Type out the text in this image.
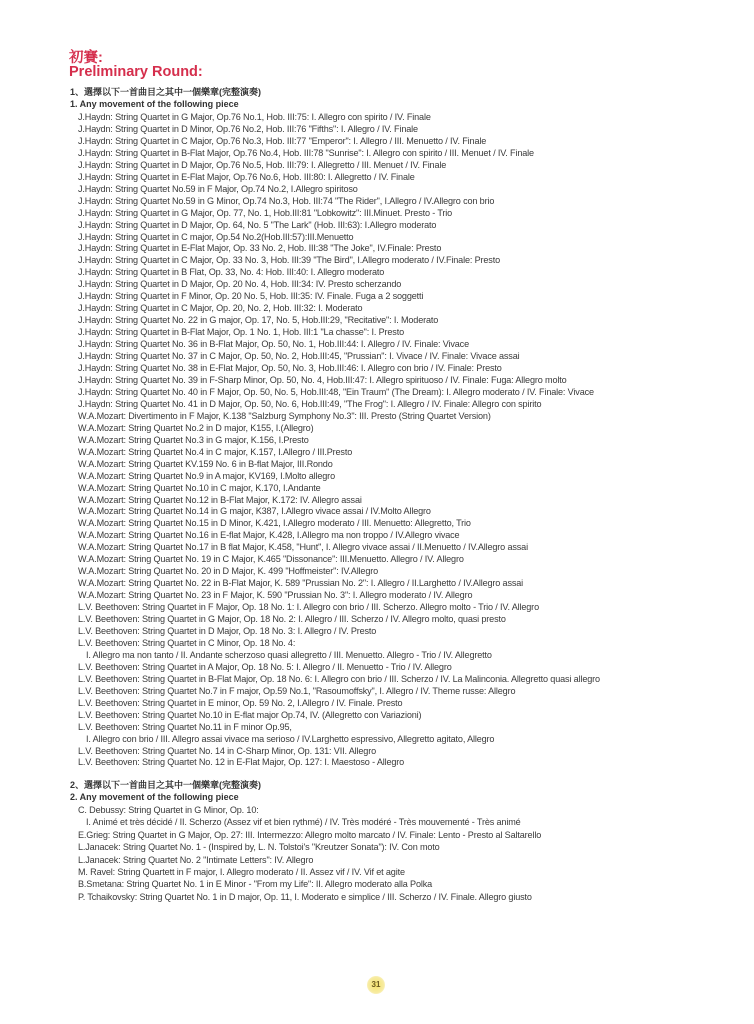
初賽:
Preliminary Round:
1、選擇以下一首曲目之其中一個樂章(完整演奏)
1. Any movement of the following piece
J.Haydn: String Quartet in G Major, Op.76 No.1, Hob. III:75: I. Allegro con spirito / IV. Finale
J.Haydn: String Quartet in D Minor, Op.76 No.2, Hob. III:76 "Fifths": I. Allegro / IV. Finale
J.Haydn: String Quartet in C Major, Op.76 No.3, Hob. III:77 "Emperor": I. Allegro / III. Menuetto / IV. Finale
J.Haydn: String Quartet in B-Flat Major, Op.76 No.4, Hob. III:78 "Sunrise": I. Allegro con spirito / III. Menuet / IV. Finale
J.Haydn: String Quartet in D Major, Op.76 No.5, Hob. III:79: I. Allegretto / III. Menuet / IV. Finale
J.Haydn: String Quartet in E-Flat Major, Op.76 No.6, Hob. III:80: I. Allegretto / IV. Finale
J.Haydn: String Quartet No.59 in F Major, Op.74 No.2, I.Allegro spiritoso
J.Haydn: String Quartet No.59 in G Minor, Op.74 No.3, Hob. III:74 "The Rider", I.Allegro / IV.Allegro con brio
J.Haydn: String Quartet in G Major, Op. 77, No. 1, Hob.III:81 "Lobkowitz": III.Minuet. Presto - Trio
J.Haydn: String Quartet in D Major, Op. 64, No. 5 "The Lark" (Hob. III:63): I.Allegro moderato
J.Haydn: String Quartet in C major, Op.54 No.2(Hob.III:57):III.Menuetto
J.Haydn: String Quartet in E-Flat Major, Op. 33 No. 2, Hob. III:38 "The Joke", IV.Finale: Presto
J.Haydn: String Quartet in C Major, Op. 33 No. 3, Hob. III:39 "The Bird", I.Allegro moderato / IV.Finale: Presto
J.Haydn: String Quartet in B Flat, Op. 33, No. 4: Hob. III:40: I. Allegro moderato
J.Haydn: String Quartet in D Major, Op. 20 No. 4, Hob. III:34: IV. Presto scherzando
J.Haydn: String Quartet in F Minor, Op. 20 No. 5, Hob. III:35: IV. Finale. Fuga a 2 soggetti
J.Haydn: String Quartet in C Major, Op. 20, No. 2, Hob. III:32: I. Moderato
J.Haydn: String Quartet No. 22 in G major, Op. 17, No. 5, Hob.III:29, "Recitative": I. Moderato
J.Haydn: String Quartet in B-Flat Major, Op. 1 No. 1, Hob. III:1 "La chasse": I. Presto
J.Haydn: String Quartet No. 36 in B-Flat Major, Op. 50, No. 1, Hob.III:44: I. Allegro / IV. Finale: Vivace
J.Haydn: String Quartet No. 37 in C Major, Op. 50, No. 2, Hob.III:45, "Prussian": I. Vivace / IV. Finale: Vivace assai
J.Haydn: String Quartet No. 38 in E-Flat Major, Op. 50, No. 3, Hob.III:46: I. Allegro con brio / IV. Finale: Presto
J.Haydn: String Quartet No. 39 in F-Sharp Minor, Op. 50, No. 4, Hob.III:47: I. Allegro spirituoso / IV. Finale: Fuga: Allegro molto
J.Haydn: String Quartet No. 40 in F Major, Op. 50, No. 5, Hob.III:48, "Ein Traum" (The Dream): I. Allegro moderato / IV. Finale: Vivace
J.Haydn: String Quartet No. 41 in D Major, Op. 50, No. 6, Hob.III:49, "The Frog": I. Allegro / IV. Finale: Allegro con spirito
W.A.Mozart: Divertimento in F Major, K.138 "Salzburg Symphony No.3": III. Presto (String Quartet Version)
W.A.Mozart: String Quartet No.2 in D major, K155, I.(Allegro)
W.A.Mozart: String Quartet No.3 in G major, K.156, I.Presto
W.A.Mozart: String Quartet No.4 in C major, K.157, I.Allegro / III.Presto
W.A.Mozart: String Quartet KV.159 No. 6 in B-flat Major, III.Rondo
W.A.Mozart: String Quartet No.9 in A major, KV169, I.Molto allegro
W.A.Mozart: String Quartet No.10 in C major, K.170, I.Andante
W.A.Mozart: String Quartet No.12 in B-Flat Major, K.172: IV. Allegro assai
W.A.Mozart: String Quartet No.14 in G major, K387, I.Allegro vivace assai / IV.Molto Allegro
W.A.Mozart: String Quartet No.15 in D Minor, K.421, I.Allegro moderato / III. Menuetto: Allegretto, Trio
W.A.Mozart: String Quartet No.16 in E-flat Major, K.428, I.Allegro ma non troppo / IV.Allegro vivace
W.A.Mozart: String Quartet No.17 in B flat Major, K.458, "Hunt", I. Allegro vivace assai / II.Menuetto / IV.Allegro assai
W.A.Mozart: String Quartet No. 19 in C Major, K.465 "Dissonance": III.Menuetto. Allegro / IV. Allegro
W.A.Mozart: String Quartet No. 20 in D Major, K. 499 "Hoffmeister": IV.Allegro
W.A.Mozart: String Quartet No. 22 in B-Flat Major, K. 589 "Prussian No. 2": I. Allegro / II.Larghetto / IV.Allegro assai
W.A.Mozart: String Quartet No. 23 in F Major, K. 590 "Prussian No. 3": I. Allegro moderato / IV. Allegro
L.V. Beethoven: String Quartet in F Major, Op. 18 No. 1: I. Allegro con brio / III. Scherzo. Allegro molto - Trio / IV. Allegro
L.V. Beethoven: String Quartet in G Major, Op. 18 No. 2: I. Allegro / III. Scherzo / IV. Allegro molto, quasi presto
L.V. Beethoven: String Quartet in D Major, Op. 18 No. 3: I. Allegro / IV. Presto
L.V. Beethoven: String Quartet in C Minor, Op. 18 No. 4:
I. Allegro ma non tanto / II. Andante scherzoso quasi allegretto / III. Menuetto. Allegro - Trio / IV. Allegretto
L.V. Beethoven: String Quartet in A Major, Op. 18 No. 5: I. Allegro / II. Menuetto - Trio / IV. Allegro
L.V. Beethoven: String Quartet in B-Flat Major, Op. 18 No. 6: I. Allegro con brio / III. Scherzo / IV. La Malinconia. Allegretto quasi allegro
L.V. Beethoven: String Quartet No.7 in F major, Op.59 No.1, "Rasoumoffsky", I. Allegro / IV. Theme russe: Allegro
L.V. Beethoven: String Quartet in E minor, Op. 59 No. 2, I.Allegro / IV. Finale. Presto
L.V. Beethoven: String Quartet No.10 in E-flat major Op.74, IV. (Allegretto con Variazioni)
L.V. Beethoven: String Quartet No.11 in F minor Op.95,
I. Allegro con brio / III. Allegro assai vivace ma serioso / IV.Larghetto espressivo, Allegretto agitato, Allegro
L.V. Beethoven: String Quartet No. 14 in C-Sharp Minor, Op. 131: VII. Allegro
L.V. Beethoven: String Quartet No. 12 in E-Flat Major, Op. 127: I. Maestoso - Allegro
2、選擇以下一首曲目之其中一個樂章(完整演奏)
2. Any movement of the following piece
C. Debussy: String Quartet in G Minor, Op. 10:
I. Animé et très décidé / II. Scherzo (Assez vif et bien rythmé) / IV. Très modéré - Très mouvementé - Très animé
E.Grieg: String Quartet in G Major, Op. 27: III. Intermezzo: Allegro molto marcato / IV. Finale: Lento - Presto al Saltarello
L.Janacek: String Quartet No. 1 - (Inspired by, L. N. Tolstoi's "Kreutzer Sonata"): IV. Con moto
L.Janacek: String Quartet No. 2 "Intimate Letters": IV. Allegro
M. Ravel: String Quartett in F major, I. Allegro moderato / II. Assez vif / IV. Vif et agite
B.Smetana: String Quartet No. 1 in E Minor - "From my Life": II. Allegro moderato alla Polka
P. Tchaikovsky: String Quartet No. 1 in D major, Op. 11, I. Moderato e simplice / III. Scherzo / IV. Finale. Allegro giusto
31
